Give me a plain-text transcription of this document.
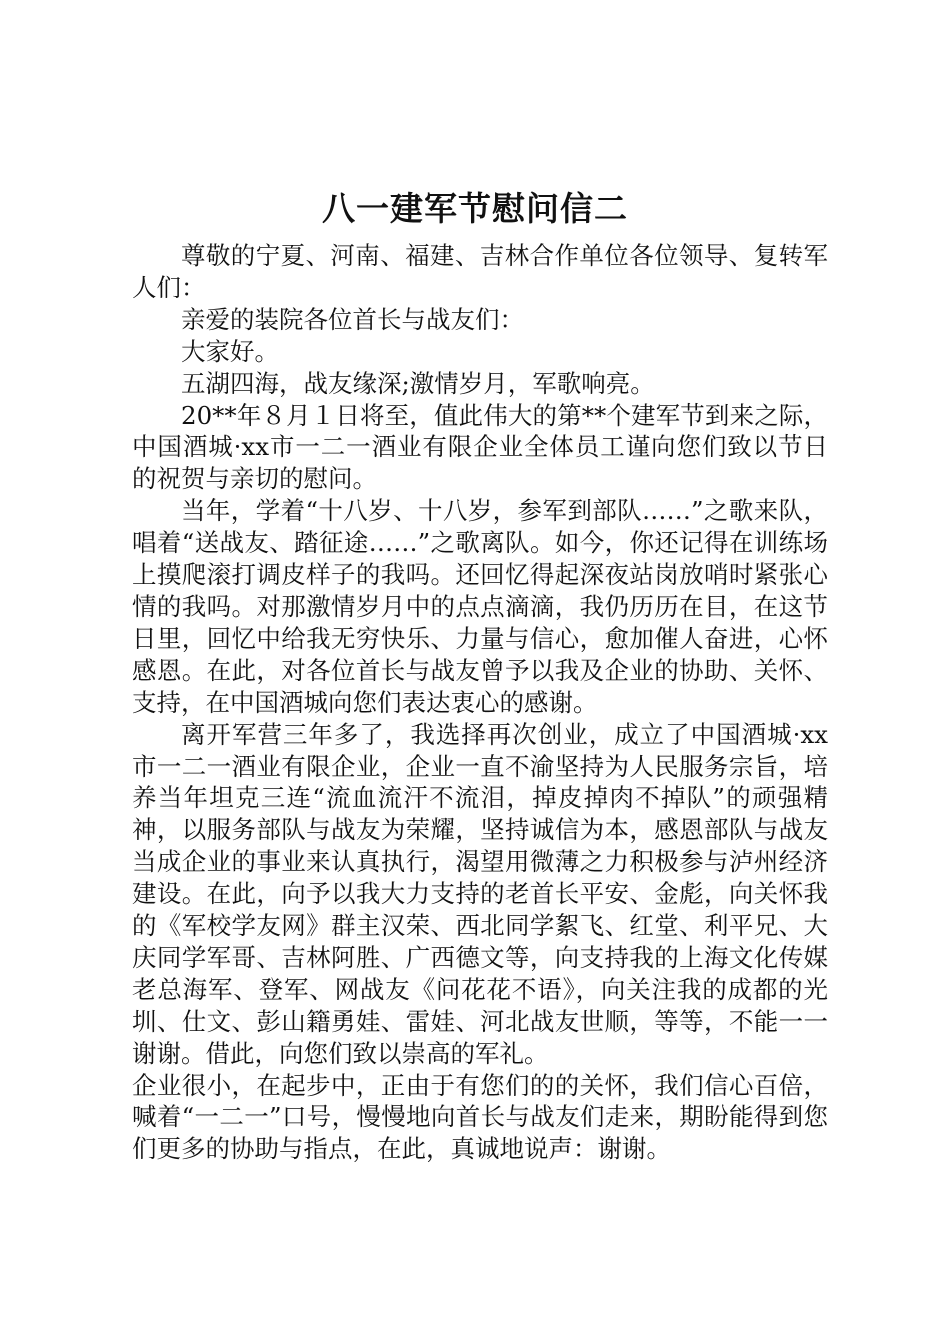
八一建军节慰问信二

尊敬的宁夏、河南、福建、吉林合作单位各位领导、复转军人们：

亲爱的装院各位首长与战友们：

大家好。

五湖四海，战友缘深;激情岁月，军歌响亮。

20**年８月１日将至，值此伟大的第**个建军节到来之际，中国酒城·xx市一二一酒业有限企业全体员工谨向您们致以节日的祝贺与亲切的慰问。

当年，学着“十八岁、十八岁，参军到部队……”之歌来队，唱着“送战友、踏征途……”之歌离队。如今，你还记得在训练场上摸爬滚打调皮样子的我吗。还回忆得起深夜站岗放哨时紧张心情的我吗。对那激情岁月中的点点滴滴，我仍历历在目，在这节日里，回忆中给我无穷快乐、力量与信心，愈加催人奋进，心怀感恩。在此，对各位首长与战友曾予以我及企业的协助、关怀、支持，在中国酒城向您们表达衷心的感谢。

离开军营三年多了，我选择再次创业，成立了中国酒城·xx市一二一酒业有限企业，企业一直不渝坚持为人民服务宗旨，培养当年坦克三连“流血流汗不流泪，掉皮掉肉不掉队”的顽强精神，以服务部队与战友为荣耀，坚持诚信为本，感恩部队与战友当成企业的事业来认真执行，渴望用微薄之力积极参与泸州经济建设。在此，向予以我大力支持的老首长平安、金彪，向关怀我的《军校学友网》群主汉荣、西北同学絮飞、红堂、利平兄、大庆同学军哥、吉林阿胜、广西德文等，向支持我的上海文化传媒老总海军、登军、网战友《问花花不语》，向关注我的成都的光圳、仕文、彭山籍勇娃、雷娃、河北战友世顺，等等，不能一一谢谢。借此，向您们致以崇高的军礼。

企业很小，在起步中，正由于有您们的的关怀，我们信心百倍，喊着“一二一”口号，慢慢地向首长与战友们走来，期盼能得到您们更多的协助与指点，在此，真诚地说声：谢谢。
